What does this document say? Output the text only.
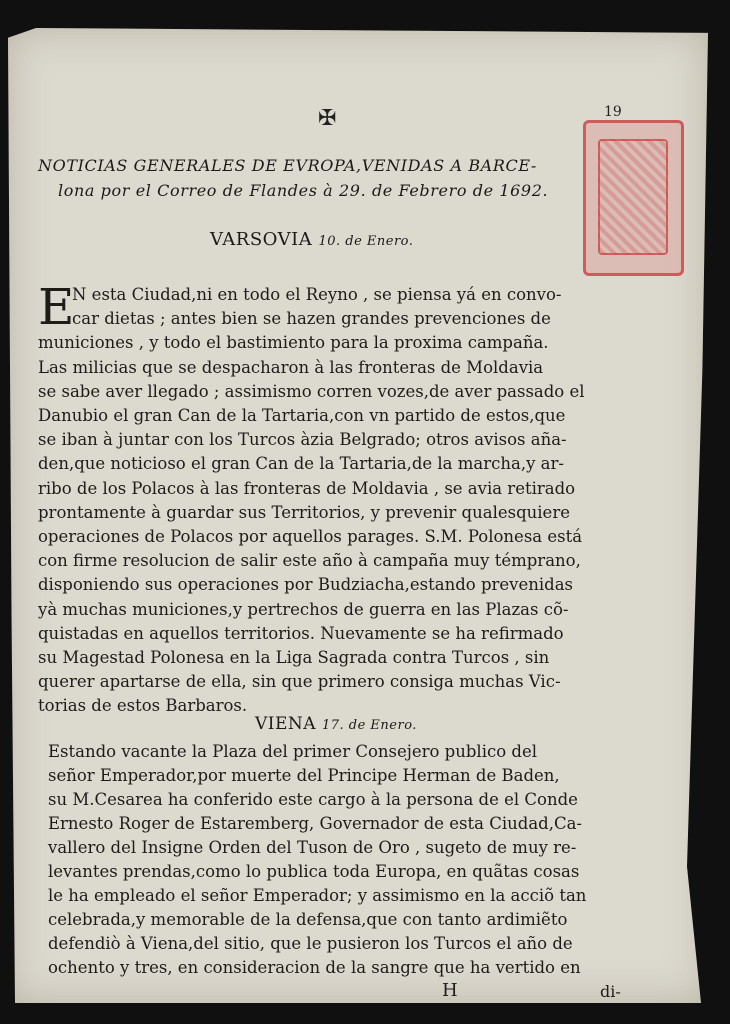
✠	19
NOTICIAS GENERALES DE EVROPA,VENIDAS A BARCE-
lona por el Correo de Flandes à 29. de Febrero de 1692.
VARSOVIA 10. de Enero.
E
N esta Ciudad,ni en todo el Reyno , se piensa yá en convo-
car dietas ; antes bien se hazen grandes prevenciones de
municiones , y todo el bastimiento para la proxima campaña.
Las milicias que se despacharon à las fronteras de Moldavia
se sabe aver llegado ; assimismo corren vozes,de aver passado el
Danubio el gran Can de la Tartaria,con vn partido de estos,que
se iban à juntar con los Turcos àzia Belgrado; otros avisos aña-
den,que noticioso el gran Can de la Tartaria,de la marcha,y ar-
ribo de los Polacos à las fronteras de Moldavia , se avia retirado
prontamente à guardar sus Territorios, y prevenir qualesquiere
operaciones de Polacos por aquellos parages. S.M. Polonesa está
con firme resolucion de salir este año à campaña muy témprano,
disponiendo sus operaciones por Budziacha,estando prevenidas
yà muchas municiones,y pertrechos de guerra en las Plazas cõ-
quistadas en aquellos territorios. Nuevamente se ha refirmado
su Magestad Polonesa en la Liga Sagrada contra Turcos , sin
querer apartarse de ella, sin que primero consiga muchas Vic-
torias de estos Barbaros.
VIENA 17. de Enero.
Estando vacante la Plaza del primer Consejero publico del
señor Emperador,por muerte del Principe Herman de Baden,
su M.Cesarea ha conferido este cargo à la persona de el Conde
Ernesto Roger de Estaremberg, Governador de esta Ciudad,Ca-
vallero del Insigne Orden del Tuson de Oro , sugeto de muy re-
levantes prendas,como lo publica toda Europa, en quãtas cosas
le ha empleado el señor Emperador; y assimismo en la acciõ tan
celebrada,y memorable de la defensa,que con tanto ardimiẽto
defendiò à Viena,del sitio, que le pusieron los Turcos el año de
ochento y tres, en consideracion de la sangre que ha vertido en
H	di-
